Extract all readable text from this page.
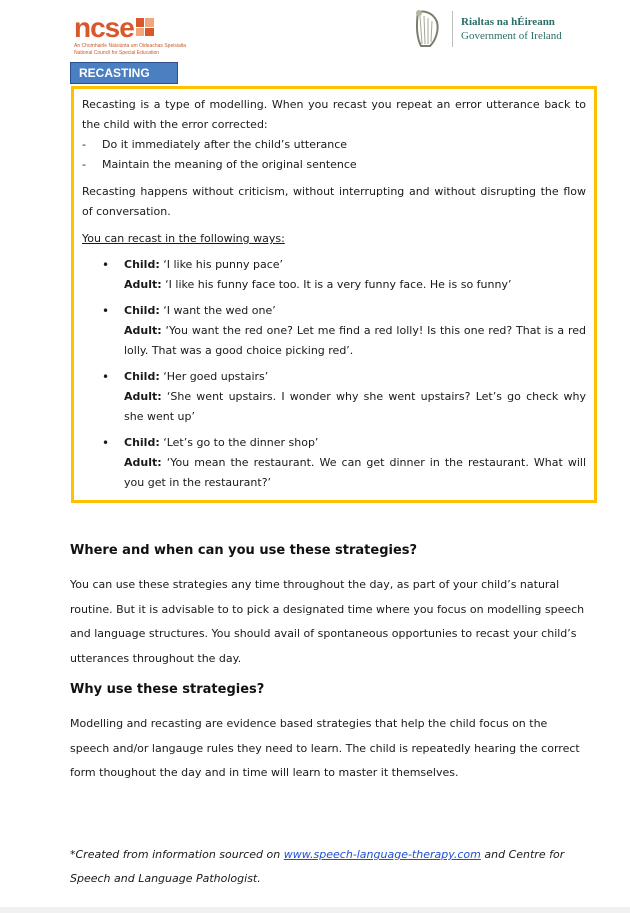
ncse
An Chomhairle Náisiúnta um Oideachas Speisialta
National Council for Special Education
Rialtas na hÉireann
Government of Ireland
RECASTING

Recasting is a type of modelling. When you recast you repeat an error utterance back to the child with the error corrected:

-	Do it immediately after the child’s utterance
-	Maintain the meaning of the original sentence

Recasting happens without criticism, without interrupting and without disrupting the flow of conversation.

You can recast in the following ways:

•	Child: ‘I like his punny pace’
Adult: ‘I like his funny face too. It is a very funny face. He is so funny’
•	Child: ‘I want the wed one’
Adult: ‘You want the red one? Let me find a red lolly! Is this one red? That is a red lolly. That was a good choice picking red’.
•	Child: ‘Her goed upstairs’
Adult: ‘She went upstairs. I wonder why she went upstairs? Let’s go check why she went up’
•	Child: ‘Let’s go to the dinner shop’
Adult: ‘You mean the restaurant. We can get dinner in the restaurant. What will you get in the restaurant?’
Where and when can you use these strategies?

You can use these strategies any time throughout the day, as part of your child’s natural routine. But it is advisable to to pick a designated time where you focus on modelling speech and language structures. You should avail of spontaneous opportunies to recast your child’s utterances throughout the day.

Why use these strategies?

Modelling and recasting are evidence based strategies that help the child focus on the speech and/or langauge rules they need to learn. The child is repeatedly hearing the correct form thoughout the day and in time will learn to master it themselves.

*Created from information sourced on www.speech-language-therapy.com and Centre for Speech and Language Pathologist.
